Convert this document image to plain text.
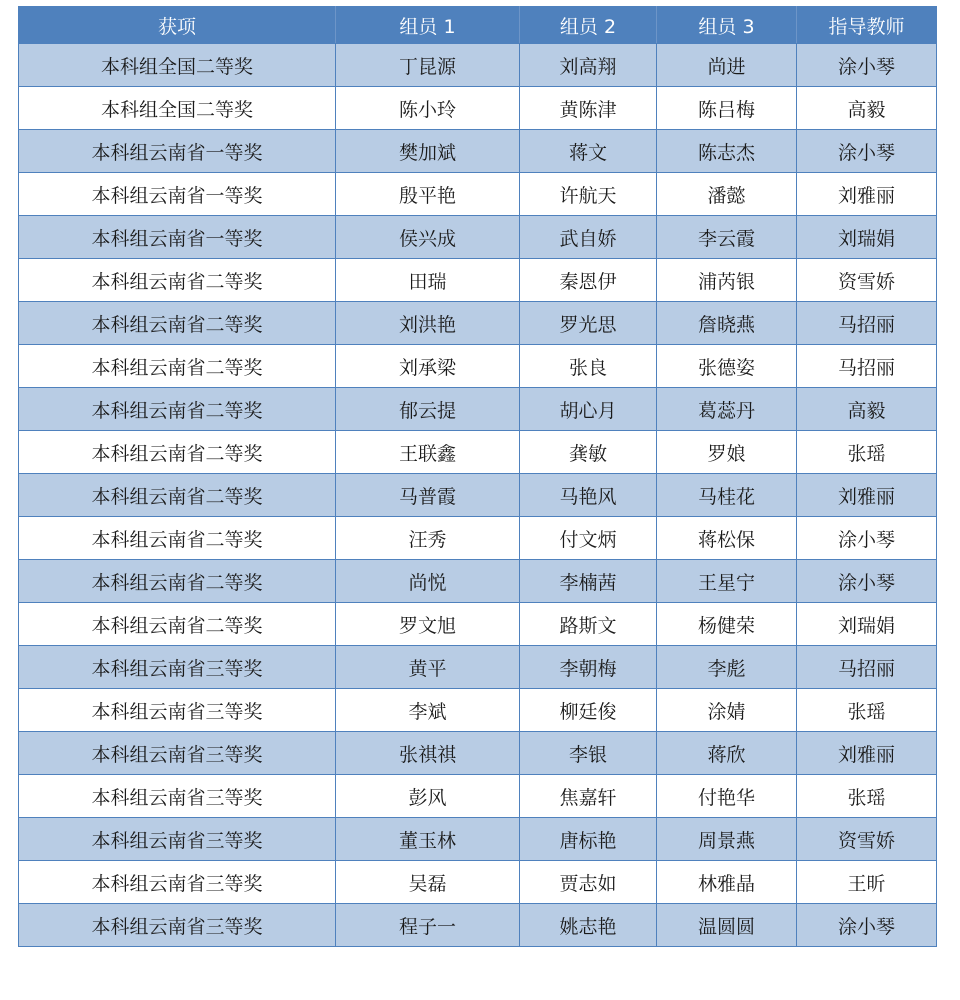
获项	组员 1	组员 2	组员 3	指导教师
本科组全国二等奖	丁昆源	刘高翔	尚进	涂小琴
本科组全国二等奖	陈小玲	黄陈津	陈吕梅	高毅
本科组云南省一等奖	樊加斌	蒋文	陈志杰	涂小琴
本科组云南省一等奖	殷平艳	许航天	潘懿	刘雅丽
本科组云南省一等奖	侯兴成	武自娇	李云霞	刘瑞娟
本科组云南省二等奖	田瑞	秦恩伊	浦芮银	资雪娇
本科组云南省二等奖	刘洪艳	罗光思	詹晓燕	马招丽
本科组云南省二等奖	刘承梁	张良	张德姿	马招丽
本科组云南省二等奖	郁云提	胡心月	葛蕊丹	高毅
本科组云南省二等奖	王联鑫	龚敏	罗娘	张瑶
本科组云南省二等奖	马普霞	马艳风	马桂花	刘雅丽
本科组云南省二等奖	汪秀	付文炳	蒋松保	涂小琴
本科组云南省二等奖	尚悦	李楠茜	王星宁	涂小琴
本科组云南省二等奖	罗文旭	路斯文	杨健荣	刘瑞娟
本科组云南省三等奖	黄平	李朝梅	李彪	马招丽
本科组云南省三等奖	李斌	柳廷俊	涂婧	张瑶
本科组云南省三等奖	张祺祺	李银	蒋欣	刘雅丽
本科组云南省三等奖	彭风	焦嘉轩	付艳华	张瑶
本科组云南省三等奖	董玉林	唐标艳	周景燕	资雪娇
本科组云南省三等奖	吴磊	贾志如	林雅晶	王昕
本科组云南省三等奖	程子一	姚志艳	温圆圆	涂小琴
